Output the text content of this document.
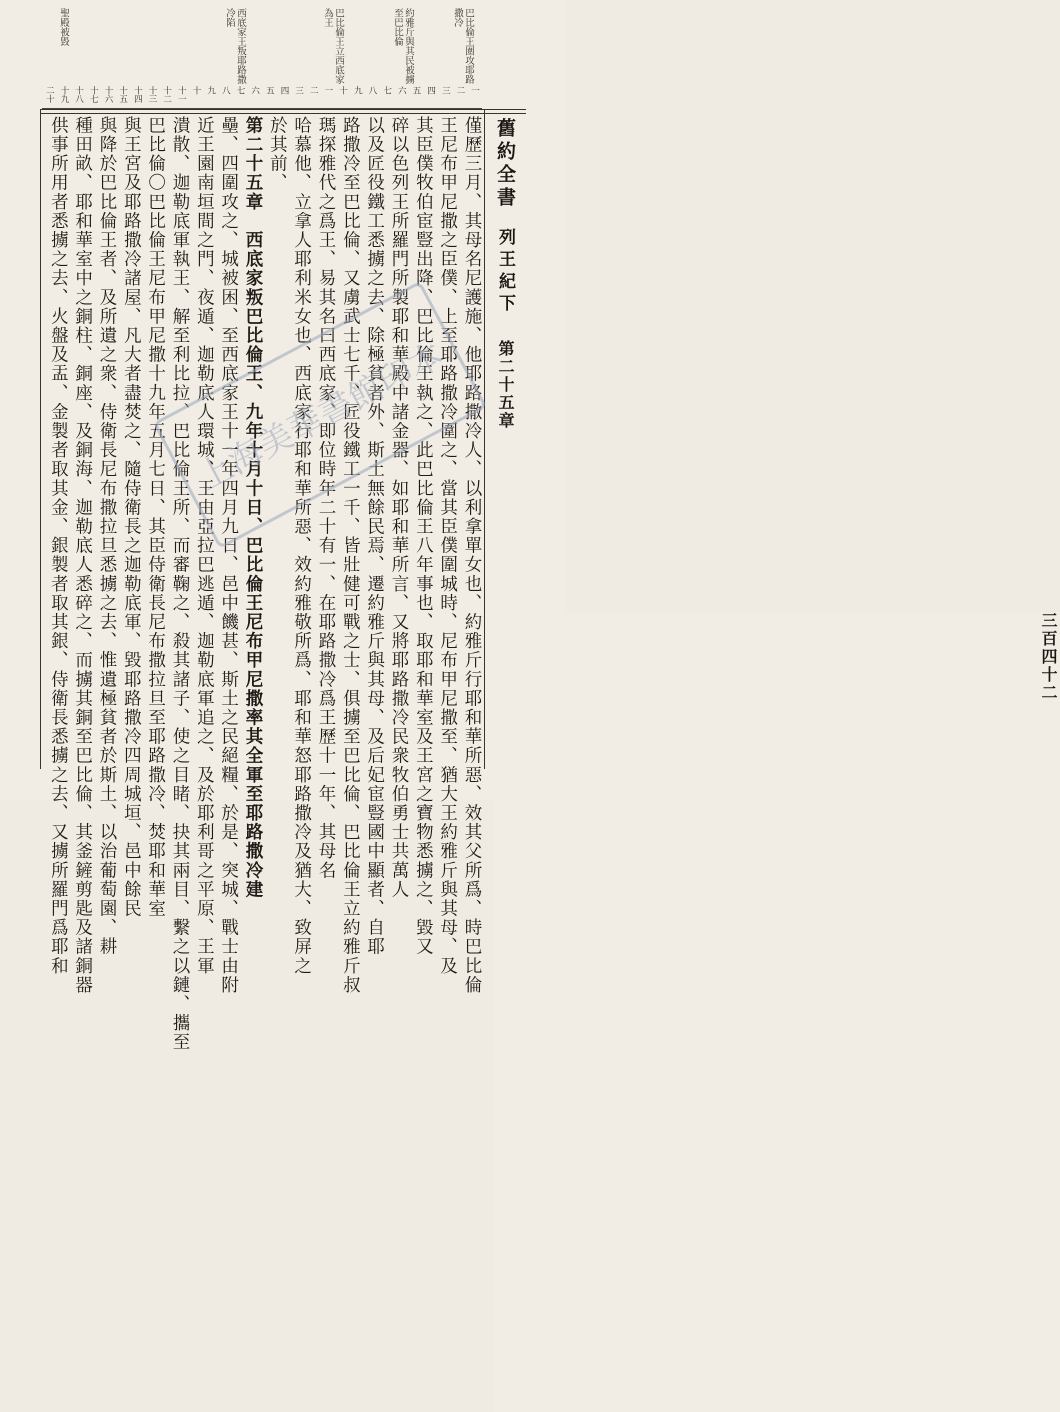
巴比倫王圍攻耶路撒冷
約雅斤與其民被擄至巴比倫
巴比倫王立西底家為王
西底家王叛耶路撒冷陷
聖殿被毀
二十 十九 十八 十七 十六 十五 十四 十三 十二 十一 十 九 八 七 六 五 四 三 二 一 十 九 八 七 六 五 四 三 二 一
舊約全書
列王紀下
第二十五章
三百四十二
僅歷三月、其母名尼護施、他耶路撒冷人、以利拿單女也、約雅斤行耶和華所惡、效其父所爲、時巴比倫
王尼布甲尼撒之臣僕、上至耶路撒冷圍之、當其臣僕圍城時、尼布甲尼撒至、猶大王約雅斤與其母、及
其臣僕牧伯宦豎出降、巴比倫王執之、此巴比倫王八年事也、取耶和華室及王宮之寶物悉擄之、毀又
碎以色列王所羅門所製耶和華殿中諸金器、如耶和華所言、又將耶路撒冷民衆牧伯勇士共萬人
以及匠役鐵工悉擄之去、除極貧者外、斯土無餘民焉、遷約雅斤與其母、及后妃宦豎國中顯者、自耶
路撒冷至巴比倫、又虜武士七千、匠役鐵工一千、皆壯健可戰之士、俱擄至巴比倫、巴比倫王立約雅斤叔
瑪探雅代之爲王、易其名曰西底家、即位時年二十有一、在耶路撒冷爲王歷十一年、其母名
哈慕他、立拿人耶利米女也、西底家行耶和華所惡、效約雅敬所爲、耶和華怒耶路撒冷及猶大、致屏之
於其前、
第二十五章　西底家叛巴比倫王、九年十月十日、巴比倫王尼布甲尼撒率其全軍至耶路撒冷建
壘、四圍攻之、城被困、至西底家王十一年四月九日、邑中饑甚、斯土之民絕糧、於是、突城、戰士由附
近王園南垣間之門、夜遁、迦勒底人環城、王由亞拉巴逃遁、迦勒底軍追之、及於耶利哥之平原、王軍
潰散、迦勒底軍執王、解至利比拉、巴比倫王所、而審鞠之、殺其諸子、使之目睹、抉其兩目、繫之以鏈、攜至
巴比倫〇巴比倫王尼布甲尼撒十九年五月七日、其臣侍衛長尼布撒拉旦至耶路撒冷、焚耶和華室
與王宮及耶路撒冷諸屋、凡大者盡焚之、隨侍衛長之迦勒底軍、毀耶路撒冷四周城垣、邑中餘民
與降於巴比倫王者、及所遺之衆、侍衛長尼布撒拉旦悉擄之去、惟遺極貧者於斯土、以治葡萄園、耕
種田畝、耶和華室中之銅柱、銅座、及銅海、迦勒底人悉碎之、而擄其銅至巴比倫、其釜鏟剪匙及諸銅器
供事所用者悉擄之去、火盤及盂、金製者取其金、銀製者取其銀、侍衛長悉擄之去、又擄所羅門爲耶和	上海美華書館印本
